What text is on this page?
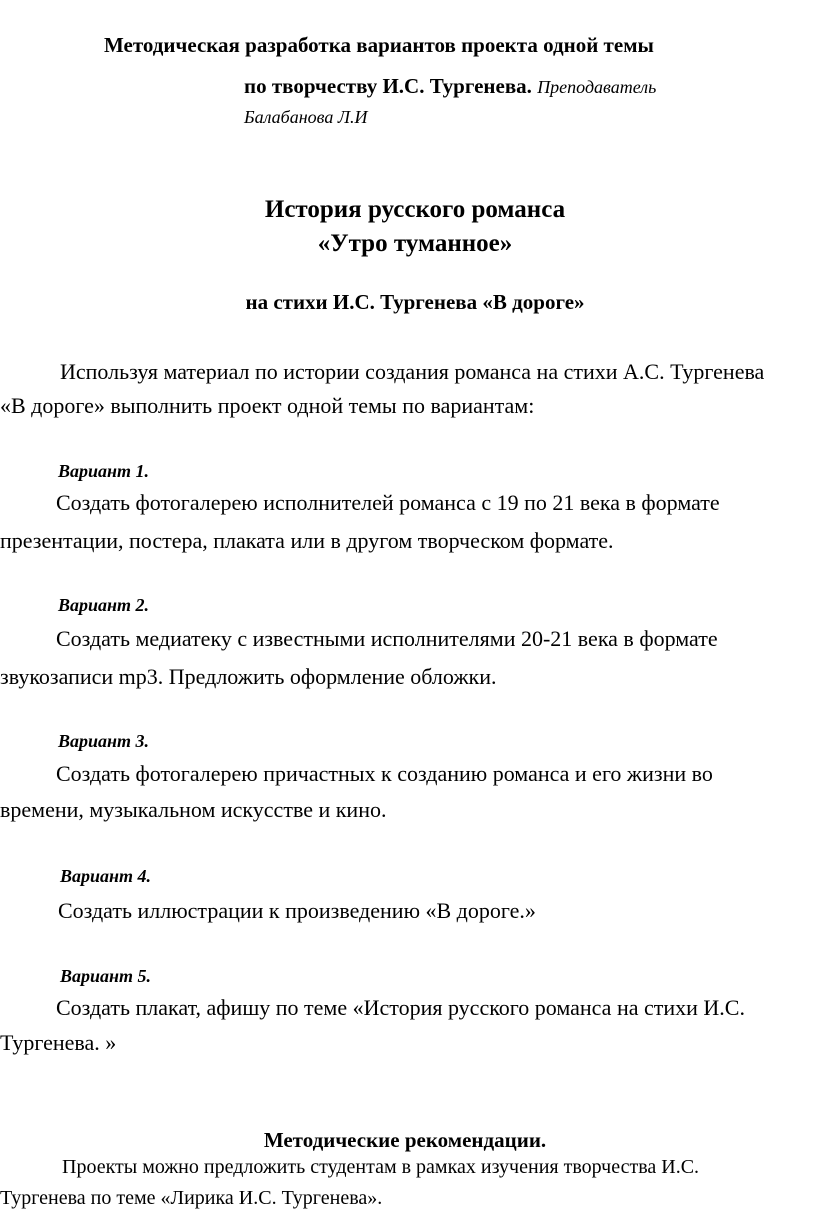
Методическая разработка вариантов проекта одной темы
по творчеству И.С. Тургенева. Преподаватель
Балабанова Л.И
История русского романса
«Утро туманное»
на стихи И.С. Тургенева «В дороге»
Используя материал по истории создания романса на стихи А.С. Тургенева
«В дороге» выполнить проект одной темы по вариантам:
Вариант 1.
Создать фотогалерею исполнителей романса с 19 по 21 века в формате
презентации, постера, плаката или в другом творческом формате.
Вариант 2.
Создать медиатеку с известными исполнителями 20-21 века в формате
звукозаписи mp3. Предложить оформление обложки.
Вариант 3.
Создать фотогалерею причастных к созданию романса и его жизни во
времени, музыкальном искусстве и кино.
Вариант 4.
Создать иллюстрации к произведению «В дороге.»
Вариант 5.
Создать плакат, афишу по теме «История русского романса на стихи И.С.
Тургенева. »
Методические рекомендации.
Проекты можно предложить студентам в рамках изучения творчества И.С.
Тургенева по теме «Лирика И.С. Тургенева».
